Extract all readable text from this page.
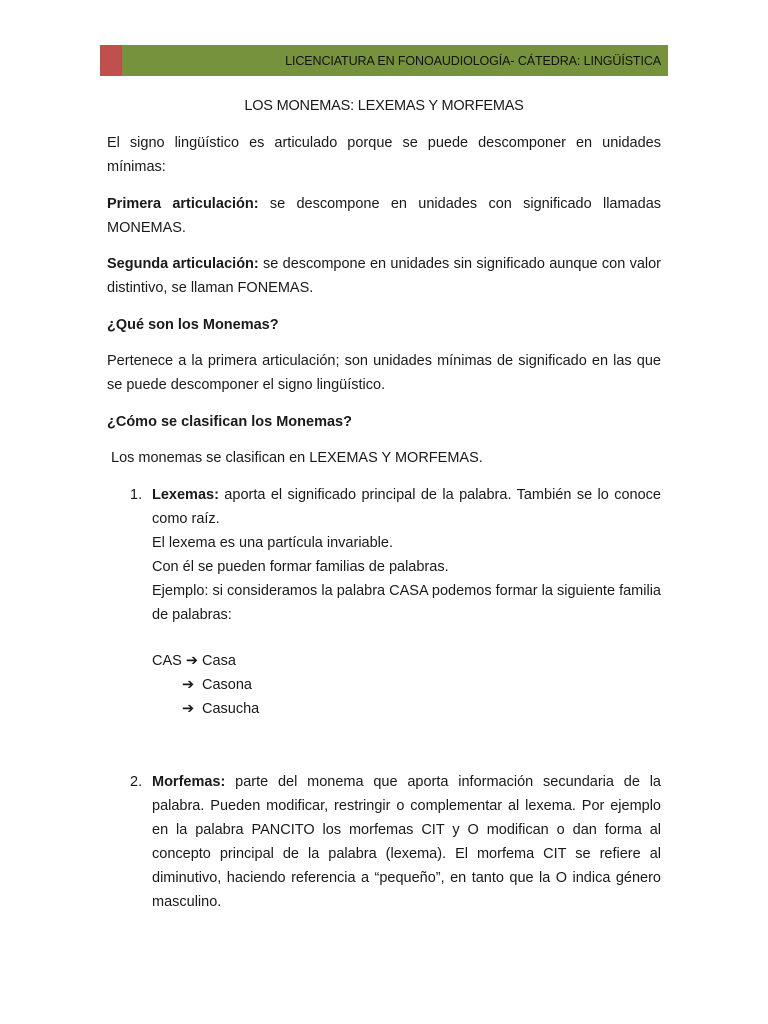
LICENCIATURA EN FONOAUDIOLOGÍA- CÁTEDRA: LINGÜÍSTICA
LOS MONEMAS: LEXEMAS Y MORFEMAS

El signo lingüístico es articulado porque se puede descomponer en unidades mínimas:

Primera articulación: se descompone en unidades con significado llamadas MONEMAS.

Segunda articulación: se descompone en unidades sin significado aunque con valor distintivo, se llaman FONEMAS.

¿Qué son los Monemas?

Pertenece a la primera articulación; son unidades mínimas de significado en las que se puede descomponer el signo lingüístico.

¿Cómo se clasifican los Monemas?

Los monemas se clasifican en LEXEMAS Y MORFEMAS.

1. Lexemas: aporta el significado principal de la palabra. También se lo conoce como raíz.
El lexema es una partícula invariable.
Con él se pueden formar familias de palabras.
Ejemplo: si consideramos la palabra CASA podemos formar la siguiente familia de palabras:
CAS ➔ Casa
➔ Casona
➔ Casucha
2. Morfemas: parte del monema que aporta información secundaria de la palabra. Pueden modificar, restringir o complementar al lexema. Por ejemplo en la palabra PANCITO los morfemas CIT y O modifican o dan forma al concepto principal de la palabra (lexema). El morfema CIT se refiere al diminutivo, haciendo referencia a “pequeño”, en tanto que la O indica género masculino.
